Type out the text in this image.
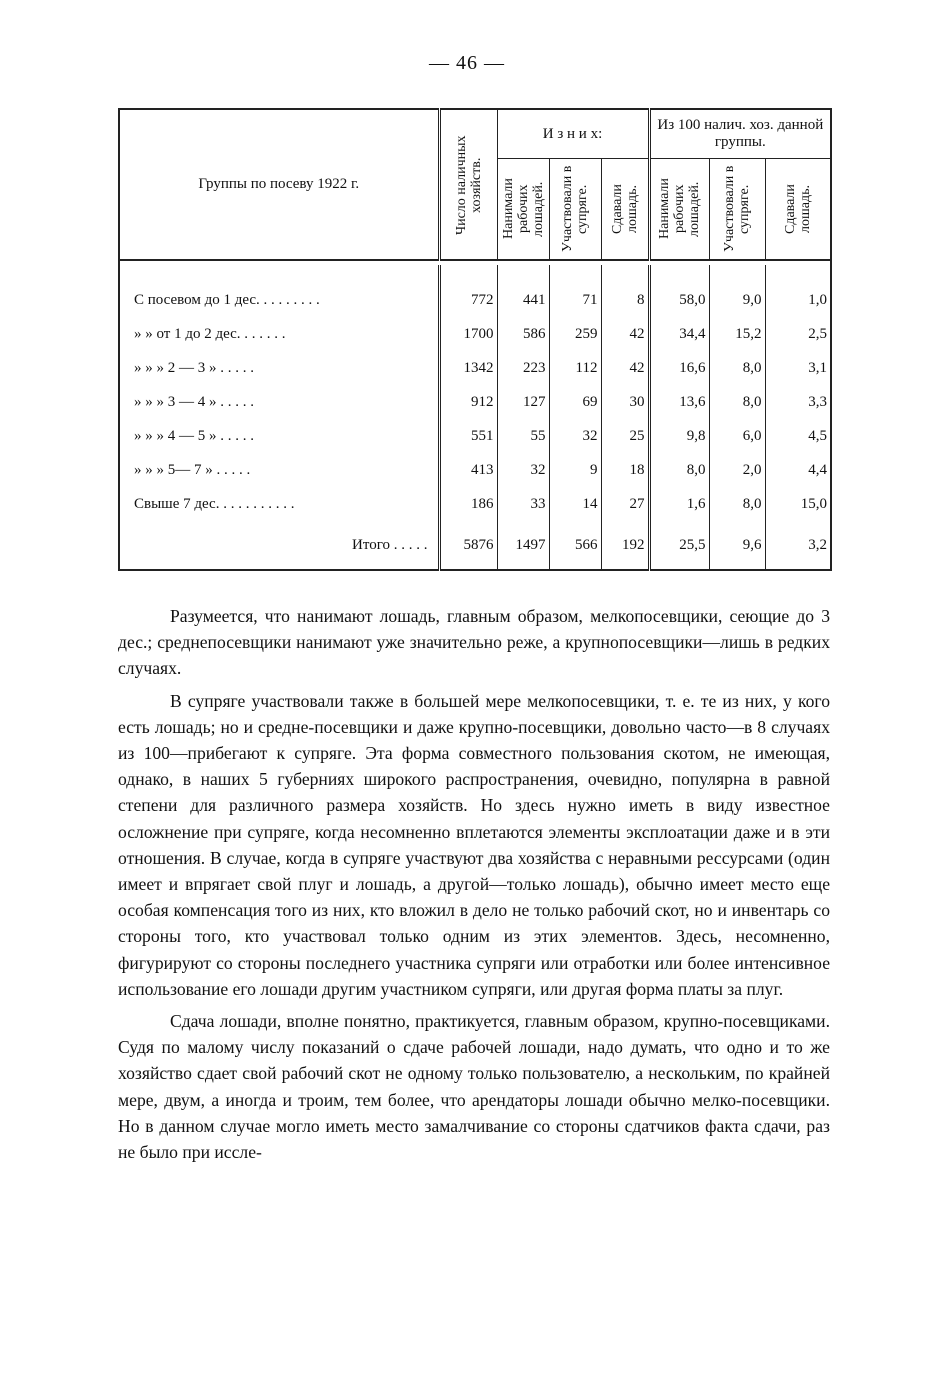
— 46 —
Группы по посеву 1922 г.	Число наличных хозяйств.	И з н и х:			Из 100 налич. хоз. данной группы.		

		Нанимали рабочих лошадей.	Участвовали в супряге.	Сдавали лошадь.	Нанимали рабочих лошадей.	Участвовали в супряге.	Сдавали лошадь.

С посевом до 1 дес. . . . . . . . .	772	441	71	8	58,0	9,0	1,0
» » от 1 до 2 дес. . . . . . .	1700	586	259	42	34,4	15,2	2,5
» » » 2 — 3 » . . . . .	1342	223	112	42	16,6	8,0	3,1
» » » 3 — 4 » . . . . .	912	127	69	30	13,6	8,0	3,3
» » » 4 — 5 » . . . . .	551	55	32	25	9,8	6,0	4,5
» » » 5— 7 » . . . . .	413	32	9	18	8,0	2,0	4,4
Свыше 7 дес. . . . . . . . . . .	186	33	14	27	1,6	8,0	15,0
Итого . . . . .	5876	1497	566	192	25,5	9,6	3,2

Разумеется, что нанимают лошадь, главным образом, мелкопосевщики, сеющие до 3 дес.; среднепосевщики нанимают уже значительно реже, а крупнопосевщики—лишь в редких случаях.

В супряге участвовали также в большей мере мелкопосевщики, т. е. те из них, у кого есть лошадь; но и средне-посевщики и даже крупно-посевщики, довольно часто—в 8 случаях из 100—прибегают к супряге. Эта форма совместного пользования скотом, не имеющая, однако, в наших 5 губерниях широкого распространения, очевидно, популярна в равной степени для различного размера хозяйств. Но здесь нужно иметь в виду известное осложнение при супряге, когда несомненно вплетаются элементы эксплоатации даже и в эти отношения. В случае, когда в супряге участвуют два хозяйства с неравными рессурсами (один имеет и впрягает свой плуг и лошадь, а другой—только лошадь), обычно имеет место еще особая компенсация того из них, кто вложил в дело не только рабочий скот, но и инвентарь со стороны того, кто участвовал только одним из этих элементов. Здесь, несомненно, фигурируют со стороны последнего участника супряги или отработки или более интенсивное использование его лошади другим участником супряги, или другая форма платы за плуг.

Сдача лошади, вполне понятно, практикуется, главным образом, крупно-посевщиками. Судя по малому числу показаний о сдаче рабочей лошади, надо думать, что одно и то же хозяйство сдает свой рабочий скот не одному только пользователю, а нескольким, по крайней мере, двум, а иногда и троим, тем более, что арендаторы лошади обычно мелко-посевщики. Но в данном случае могло иметь место замалчивание со стороны сдатчиков факта сдачи, раз не было при иссле-
